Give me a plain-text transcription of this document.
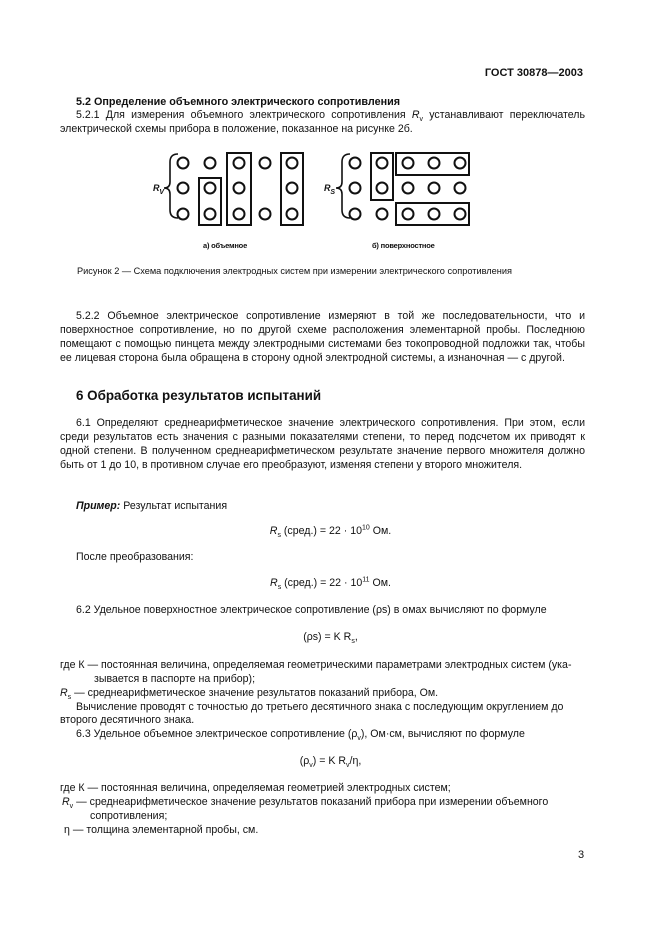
ГОСТ 30878—2003
5.2 Определение объемного электрического сопротивления
5.2.1 Для измерения объемного электрического сопротивления $R_v$ устанавливают переключатель электрической схемы прибора в положение, показанное на рисунке 2б.
$R_V$	$R_S$
а) объемное	б) поверхностное
Рисунок 2 — Схема подключения электродных систем при измерении электрического сопротивления
5.2.2 Объемное электрическое сопротивление измеряют в той же последовательности, что и поверхностное сопротивление, но по другой схеме расположения элементарной пробы. Последнюю помещают с помощью пинцета между электродными системами без токопроводной подложки так, чтобы ее лицевая сторона была обращена в сторону одной электродной системы, а изнаночная — с другой.
6 Обработка результатов испытаний
6.1 Определяют среднеарифметическое значение электрического сопротивления. При этом, если среди результатов есть значения с разными показателями степени, то перед подсчетом их приводят к одной степени. В полученном среднеарифметическом результате значение первого множителя должно быть от 1 до 10, в противном случае его преобразуют, изменяя степени у второго множителя.
Пример: Результат испытания
$R_s$ (сред.) = $22 \cdot 10^{10}$ Ом.
После преобразования:
$R_s$ (сред.) = $22 \cdot 10^{11}$ Ом.
6.2 Удельное поверхностное электрическое сопротивление (ρs) в омах вычисляют по формуле
(ρs) = K $R_s$,
где К — постоянная величина, определяемая геометрическими параметрами электродных систем (ука-
зывается в паспорте на прибор);
$R_s$ — среднеарифметическое значение результатов показаний прибора, Ом.
Вычисление проводят с точностью до третьего десятичного знака с последующим округлением до
второго десятичного знака.
6.3 Удельное объемное электрическое сопротивление $(\rho_v)$, Ом·см, вычисляют по формуле
$(\rho_v) = K$ $R_v/\eta$,
где К — постоянная величина, определяемая геометрией электродных систем;
$R_v$ — среднеарифметическое значение результатов показаний прибора при измерении объемного
сопротивления;
η — толщина элементарной пробы, см.
3
